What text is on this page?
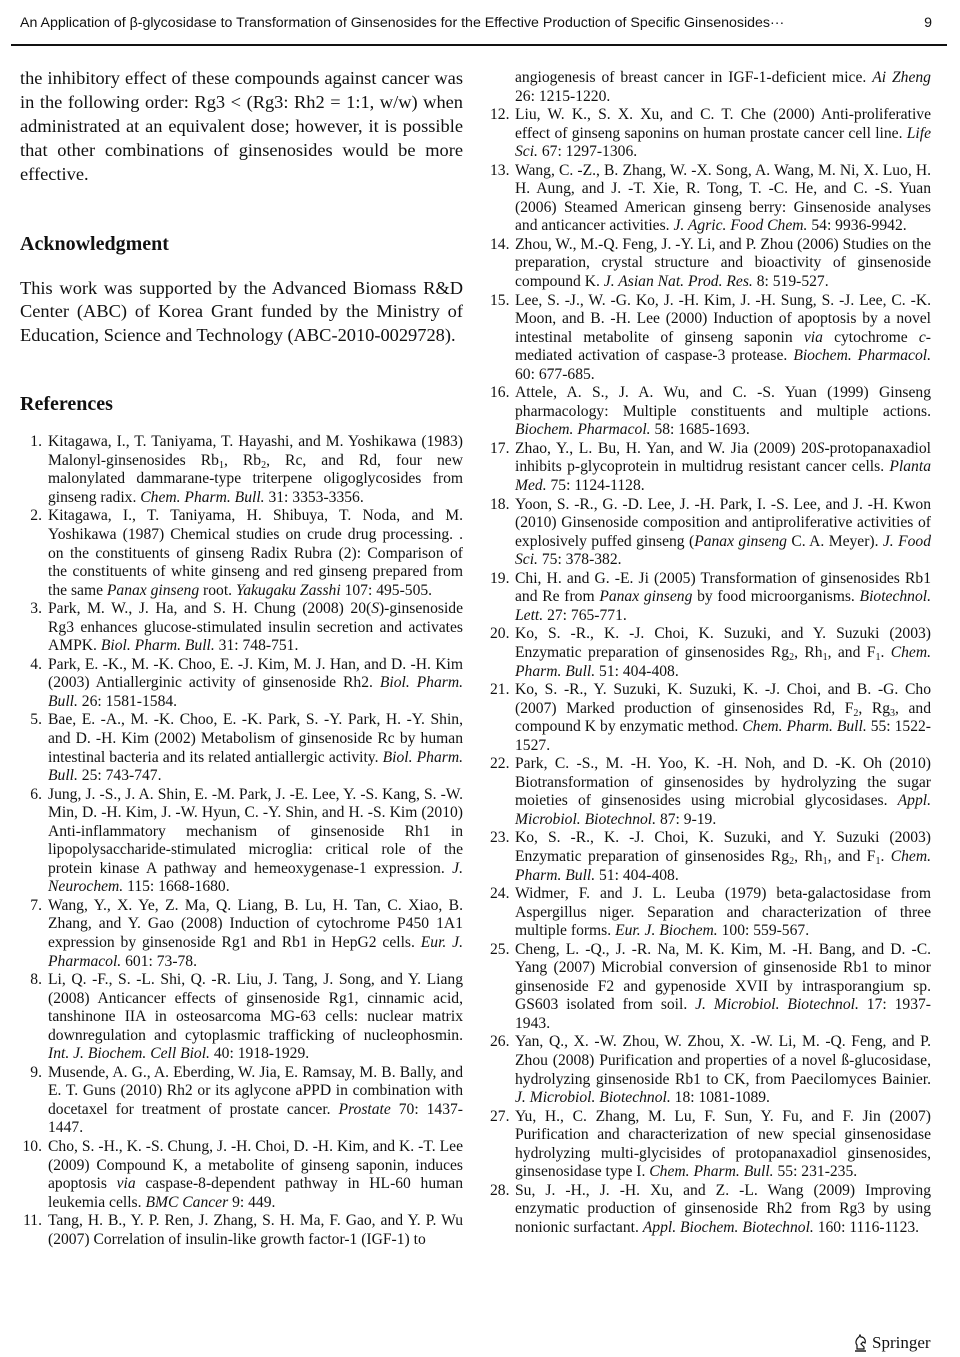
An Application of β-glycosidase to Transformation of Ginsenosides for the Effective Production of Specific Ginsenosides···	9

the inhibitory effect of these compounds against cancer was in the following order: Rg3 < (Rg3: Rh2 = 1:1, w/w) when administrated at an equivalent dose; however, it is possible that other combinations of ginsenosides would be more effective.

Acknowledgment

This work was supported by the Advanced Biomass R&D Center (ABC) of Korea Grant funded by the Ministry of Education, Science and Technology (ABC-2010-0029728).

References
1. Kitagawa, I., T. Taniyama, T. Hayashi, and M. Yoshikawa (1983) Malonyl-ginsenosides $Rb_1$, $Rb_2$, Rc, and Rd, four new malonylated dammarane-type triterpene oligoglycosides from ginseng radix. Chem. Pharm. Bull. 31: 3353-3356.
2. Kitagawa, I., T. Taniyama, H. Shibuya, T. Noda, and M. Yoshikawa (1987) Chemical studies on crude drug processing. . on the constituents of ginseng Radix Rubra (2): Comparison of the constituents of white ginseng and red ginseng prepared from the same Panax ginseng root. Yakugaku Zasshi 107: 495-505.
3. Park, M. W., J. Ha, and S. H. Chung (2008) 20(S)-ginsenoside Rg3 enhances glucose-stimulated insulin secretion and activates AMPK. Biol. Pharm. Bull. 31: 748-751.
4. Park, E. -K., M. -K. Choo, E. -J. Kim, M. J. Han, and D. -H. Kim (2003) Antiallerginic activity of ginsenoside Rh2. Biol. Pharm. Bull. 26: 1581-1584.
5. Bae, E. -A., M. -K. Choo, E. -K. Park, S. -Y. Park, H. -Y. Shin, and D. -H. Kim (2002) Metabolism of ginsenoside Rc by human intestinal bacteria and its related antiallergic activity. Biol. Pharm. Bull. 25: 743-747.
6. Jung, J. -S., J. A. Shin, E. -M. Park, J. -E. Lee, Y. -S. Kang, S. -W. Min, D. -H. Kim, J. -W. Hyun, C. -Y. Shin, and H. -S. Kim (2010) Anti-inflammatory mechanism of ginsenoside Rh1 in lipopolysaccharide-stimulated microglia: critical role of the protein kinase A pathway and hemeoxygenase-1 expression. J. Neurochem. 115: 1668-1680.
7. Wang, Y., X. Ye, Z. Ma, Q. Liang, B. Lu, H. Tan, C. Xiao, B. Zhang, and Y. Gao (2008) Induction of cytochrome P450 1A1 expression by ginsenoside Rg1 and Rb1 in HepG2 cells. Eur. J. Pharmacol. 601: 73-78.
8. Li, Q. -F., S. -L. Shi, Q. -R. Liu, J. Tang, J. Song, and Y. Liang (2008) Anticancer effects of ginsenoside Rg1, cinnamic acid, tanshinone IIA in osteosarcoma MG-63 cells: nuclear matrix downregulation and cytoplasmic trafficking of nucleophosmin. Int. J. Biochem. Cell Biol. 40: 1918-1929.
9. Musende, A. G., A. Eberding, W. Jia, E. Ramsay, M. B. Bally, and E. T. Guns (2010) Rh2 or its aglycone aPPD in combination with docetaxel for treatment of prostate cancer. Prostate 70: 1437-1447.
10. Cho, S. -H., K. -S. Chung, J. -H. Choi, D. -H. Kim, and K. -T. Lee (2009) Compound K, a metabolite of ginseng saponin, induces apoptosis via caspase-8-dependent pathway in HL-60 human leukemia cells. BMC Cancer 9: 449.
11. Tang, H. B., Y. P. Ren, J. Zhang, S. H. Ma, F. Gao, and Y. P. Wu (2007) Correlation of insulin-like growth factor-1 (IGF-1) to
angiogenesis of breast cancer in IGF-1-deficient mice. Ai Zheng 26: 1215-1220.
12. Liu, W. K., S. X. Xu, and C. T. Che (2000) Anti-proliferative effect of ginseng saponins on human prostate cancer cell line. Life Sci. 67: 1297-1306.
13. Wang, C. -Z., B. Zhang, W. -X. Song, A. Wang, M. Ni, X. Luo, H. H. Aung, and J. -T. Xie, R. Tong, T. -C. He, and C. -S. Yuan (2006) Steamed American ginseng berry: Ginsenoside analyses and anticancer activities. J. Agric. Food Chem. 54: 9936-9942.
14. Zhou, W., M.-Q. Feng, J. -Y. Li, and P. Zhou (2006) Studies on the preparation, crystal structure and bioactivity of ginsenoside compound K. J. Asian Nat. Prod. Res. 8: 519-527.
15. Lee, S. -J., W. -G. Ko, J. -H. Kim, J. -H. Sung, S. -J. Lee, C. -K. Moon, and B. -H. Lee (2000) Induction of apoptosis by a novel intestinal metabolite of ginseng saponin via cytochrome c-mediated activation of caspase-3 protease. Biochem. Pharmacol. 60: 677-685.
16. Attele, A. S., J. A. Wu, and C. -S. Yuan (1999) Ginseng pharmacology: Multiple constituents and multiple actions. Biochem. Pharmacol. 58: 1685-1693.
17. Zhao, Y., L. Bu, H. Yan, and W. Jia (2009) 20S-protopanaxadiol inhibits p-glycoprotein in multidrug resistant cancer cells. Planta Med. 75: 1124-1128.
18. Yoon, S. -R., G. -D. Lee, J. -H. Park, I. -S. Lee, and J. -H. Kwon (2010) Ginsenoside composition and antiproliferative activities of explosively puffed ginseng (Panax ginseng C. A. Meyer). J. Food Sci. 75: 378-382.
19. Chi, H. and G. -E. Ji (2005) Transformation of ginsenosides Rb1 and Re from Panax ginseng by food microorganisms. Biotechnol. Lett. 27: 765-771.
20. Ko, S. -R., K. -J. Choi, K. Suzuki, and Y. Suzuki (2003) Enzymatic preparation of ginsenosides $Rg_2$, $Rh_1$, and $F_1$. Chem. Pharm. Bull. 51: 404-408.
21. Ko, S. -R., Y. Suzuki, K. Suzuki, K. -J. Choi, and B. -G. Cho (2007) Marked production of ginsenosides Rd, $F_2$, $Rg_3$, and compound K by enzymatic method. Chem. Pharm. Bull. 55: 1522-1527.
22. Park, C. -S., M. -H. Yoo, K. -H. Noh, and D. -K. Oh (2010) Biotransformation of ginsenosides by hydrolyzing the sugar moieties of ginsenosides using microbial glycosidases. Appl. Microbiol. Biotechnol. 87: 9-19.
23. Ko, S. -R., K. -J. Choi, K. Suzuki, and Y. Suzuki (2003) Enzymatic preparation of ginsenosides $Rg_2$, $Rh_1$, and $F_1$. Chem. Pharm. Bull. 51: 404-408.
24. Widmer, F. and J. L. Leuba (1979) beta-galactosidase from Aspergillus niger. Separation and characterization of three multiple forms. Eur. J. Biochem. 100: 559-567.
25. Cheng, L. -Q., J. -R. Na, M. K. Kim, M. -H. Bang, and D. -C. Yang (2007) Microbial conversion of ginsenoside Rb1 to minor ginsenoside F2 and gypenoside XVII by intrasporangium sp. GS603 isolated from soil. J. Microbiol. Biotechnol. 17: 1937-1943.
26. Yan, Q., X. -W. Zhou, W. Zhou, X. -W. Li, M. -Q. Feng, and P. Zhou (2008) Purification and properties of a novel ß-glucosidase, hydrolyzing ginsenoside Rb1 to CK, from Paecilomyces Bainier. J. Microbiol. Biotechnol. 18: 1081-1089.
27. Yu, H., C. Zhang, M. Lu, F. Sun, Y. Fu, and F. Jin (2007) Purification and characterization of new special ginsenosidase hydrolyzing multi-glycisides of protopanaxadiol ginsenosides, ginsenosidase type I. Chem. Pharm. Bull. 55: 231-235.
28. Su, J. -H., J. -H. Xu, and Z. -L. Wang (2009) Improving enzymatic production of ginsenoside Rh2 from Rg3 by using nonionic surfactant. Appl. Biochem. Biotechnol. 160: 1116-1123.
Springer
